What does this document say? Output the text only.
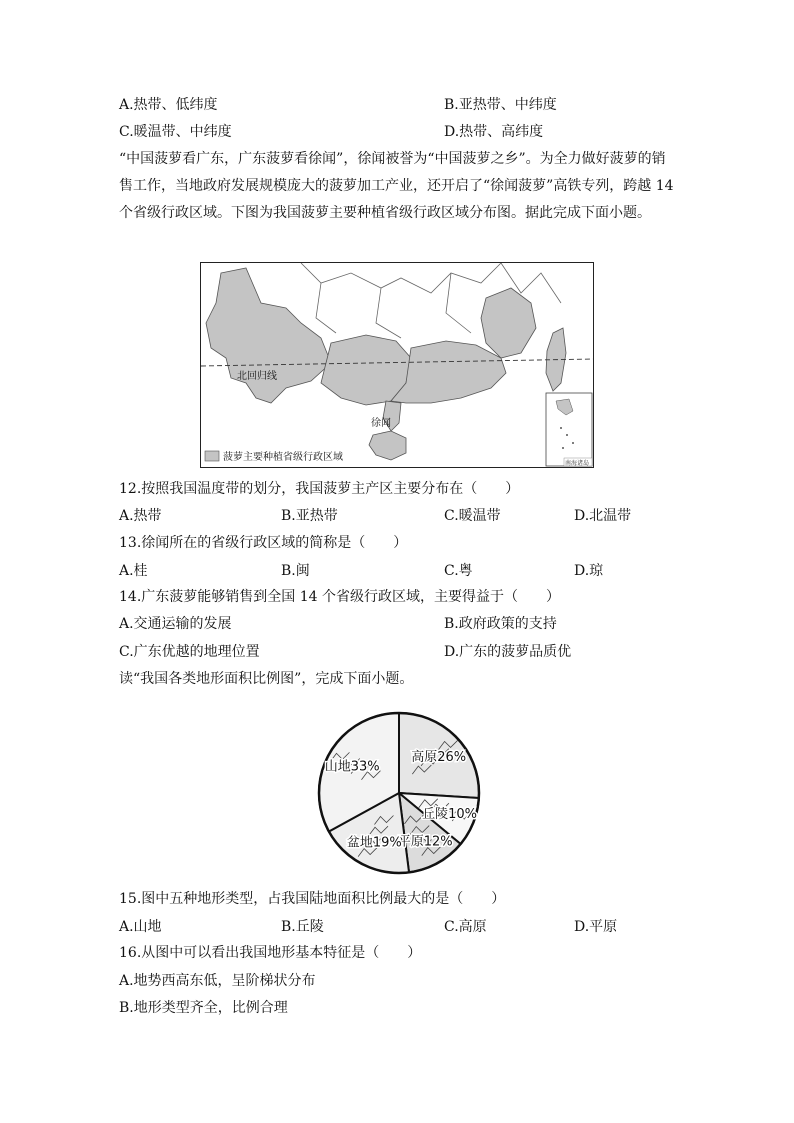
A.热带、低纬度	B.亚热带、中纬度
C.暖温带、中纬度	D.热带、高纬度
“中国菠萝看广东，广东菠萝看徐闻”，徐闻被誉为“中国菠萝之乡”。为全力做好菠萝的销售工作，当地政府发展规模庞大的菠萝加工产业，还开启了“徐闻菠萝”高铁专列，跨越 14 个省级行政区域。下图为我国菠萝主要种植省级行政区域分布图。据此完成下面小题。
北回归线
徐闻
南海诸岛
菠萝主要种植省级行政区域
12.按照我国温度带的划分，我国菠萝主产区主要分布在（　　）
A.热带	B.亚热带	C.暖温带	D.北温带
13.徐闻所在的省级行政区域的简称是（　　）
A.桂	B.闽	C.粤	D.琼
14.广东菠萝能够销售到全国 14 个省级行政区域，主要得益于（　　）
A.交通运输的发展	B.政府政策的支持
C.广东优越的地理位置	D.广东的菠萝品质优
读“我国各类地形面积比例图”，完成下面小题。
高原26%
丘陵10%
平原12%
盆地19%
山地33%
15.图中五种地形类型，占我国陆地面积比例最大的是（　　）
A.山地	B.丘陵	C.高原	D.平原
16.从图中可以看出我国地形基本特征是（　　）
A.地势西高东低，呈阶梯状分布
B.地形类型齐全，比例合理
